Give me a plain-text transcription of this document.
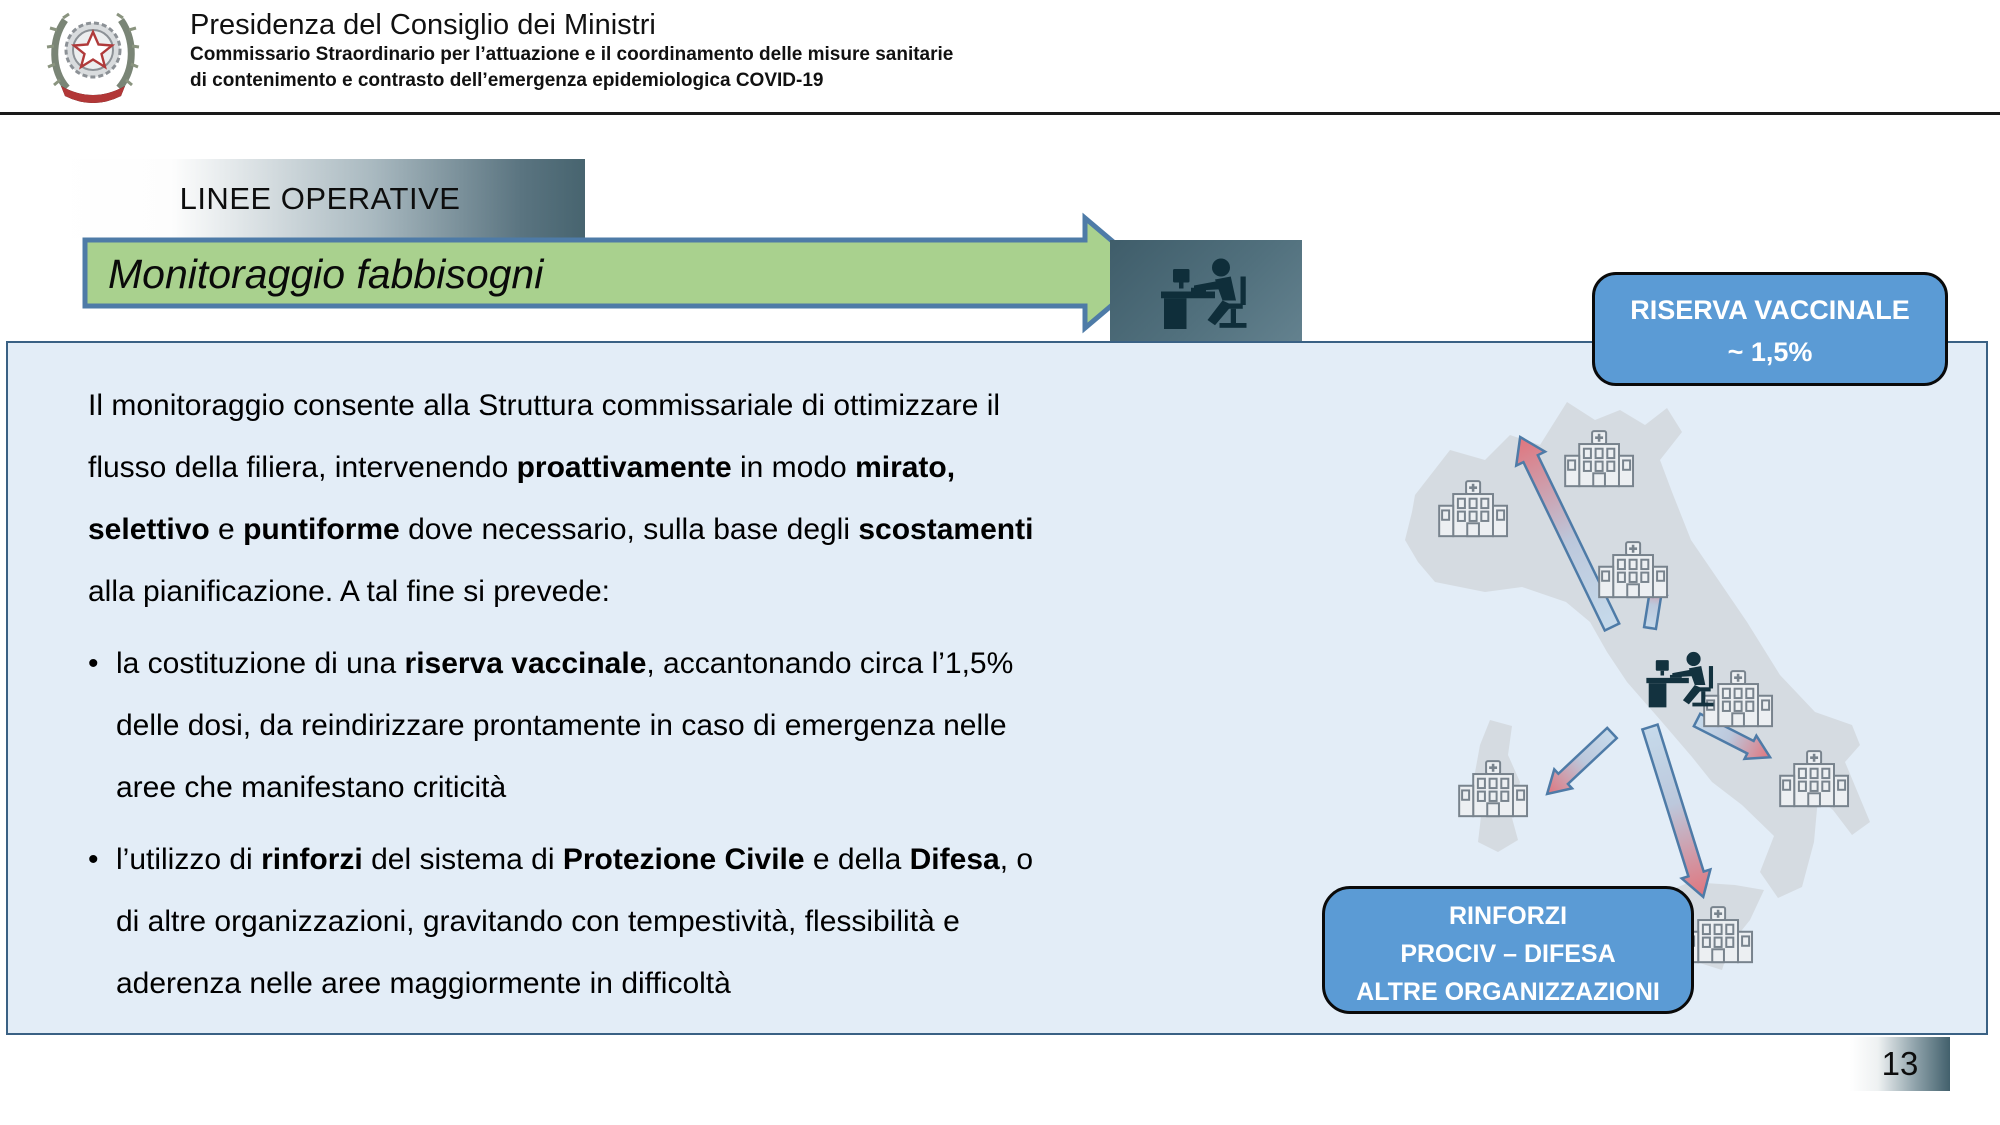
Presidenza del Consiglio dei Ministri
Commissario Straordinario per l’attuazione e il coordinamento delle misure sanitarie
di contenimento e contrasto dell’emergenza epidemiologica COVID-19
LINEE OPERATIVE
Monitoraggio fabbisogni
Il monitoraggio consente alla Struttura commissariale di ottimizzare il
flusso della filiera, intervenendo proattivamente in modo mirato,
selettivo e puntiforme dove necessario, sulla base degli scostamenti
alla pianificazione. A tal fine si prevede:
• la costituzione di una riserva vaccinale, accantonando circa l’1,5%
delle dosi, da reindirizzare prontamente in caso di emergenza nelle
aree che manifestano criticità
• l’utilizzo di rinforzi del sistema di Protezione Civile e della Difesa, o
di altre organizzazioni, gravitando con tempestività, flessibilità e
aderenza nelle aree maggiormente in difficoltà
RISERVA VACCINALE
~ 1,5%
RINFORZI
PROCIV – DIFESA
ALTRE ORGANIZZAZIONI
13
